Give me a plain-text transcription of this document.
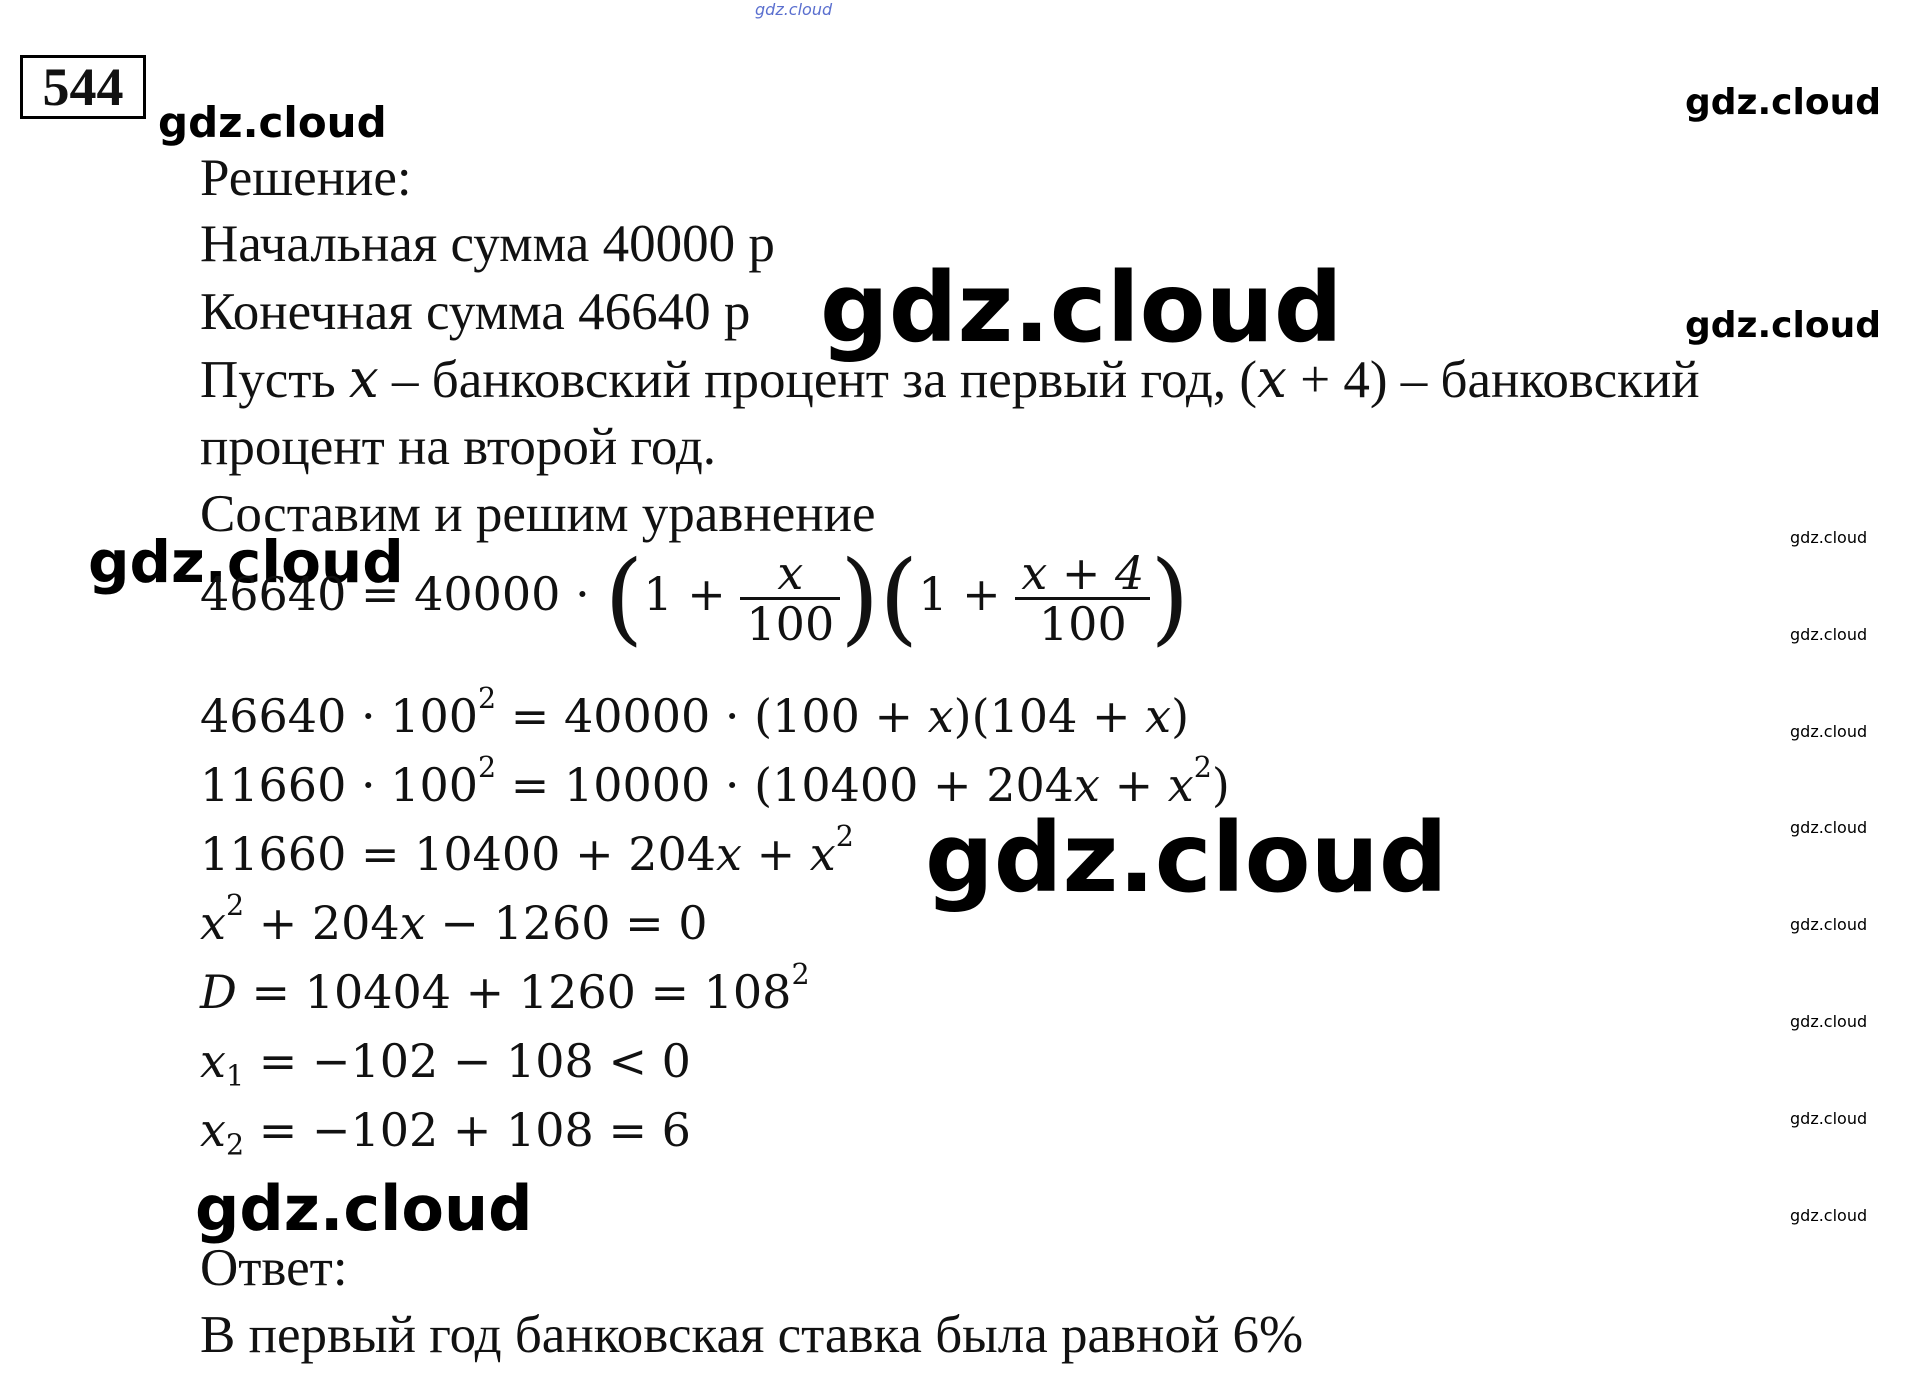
gdz.cloud
544
gdz.cloud	gdz.cloud
gdz.cloud
Решение:
Начальная сумма 40000 р
Конечная сумма 46640 р gdz.cloud
Пусть x – банковский процент за первый год, (x + 4) – банковский
процент на второй год.
Составим и решим уравнение
gdz.cloud
$46640 = 40000 \cdot (1 + \frac{x}{100} )(1 + \frac{x + 4}{100}$ )
$46640 \cdot 100^2 = 40000 \cdot (100 + x)(104 + x)$
$11660 \cdot 100^2 = 10000 \cdot (10400 + 204x + x^2)$
$11660 = 10400 + 204x + x^2$ gdz.cloud
$x^2 + 204x - 1260 = 0$
$D = 10404 + 1260 = 108^2$
$x_1 = -102 - 108 < 0$
$x_2 = -102 + 108 = 6$
gdz.cloud
Ответ:
В первый год банковская ставка была равной 6%
gdz.cloud
gdz.cloud
gdz.cloud
gdz.cloud
gdz.cloud
gdz.cloud
gdz.cloud
gdz.cloud
